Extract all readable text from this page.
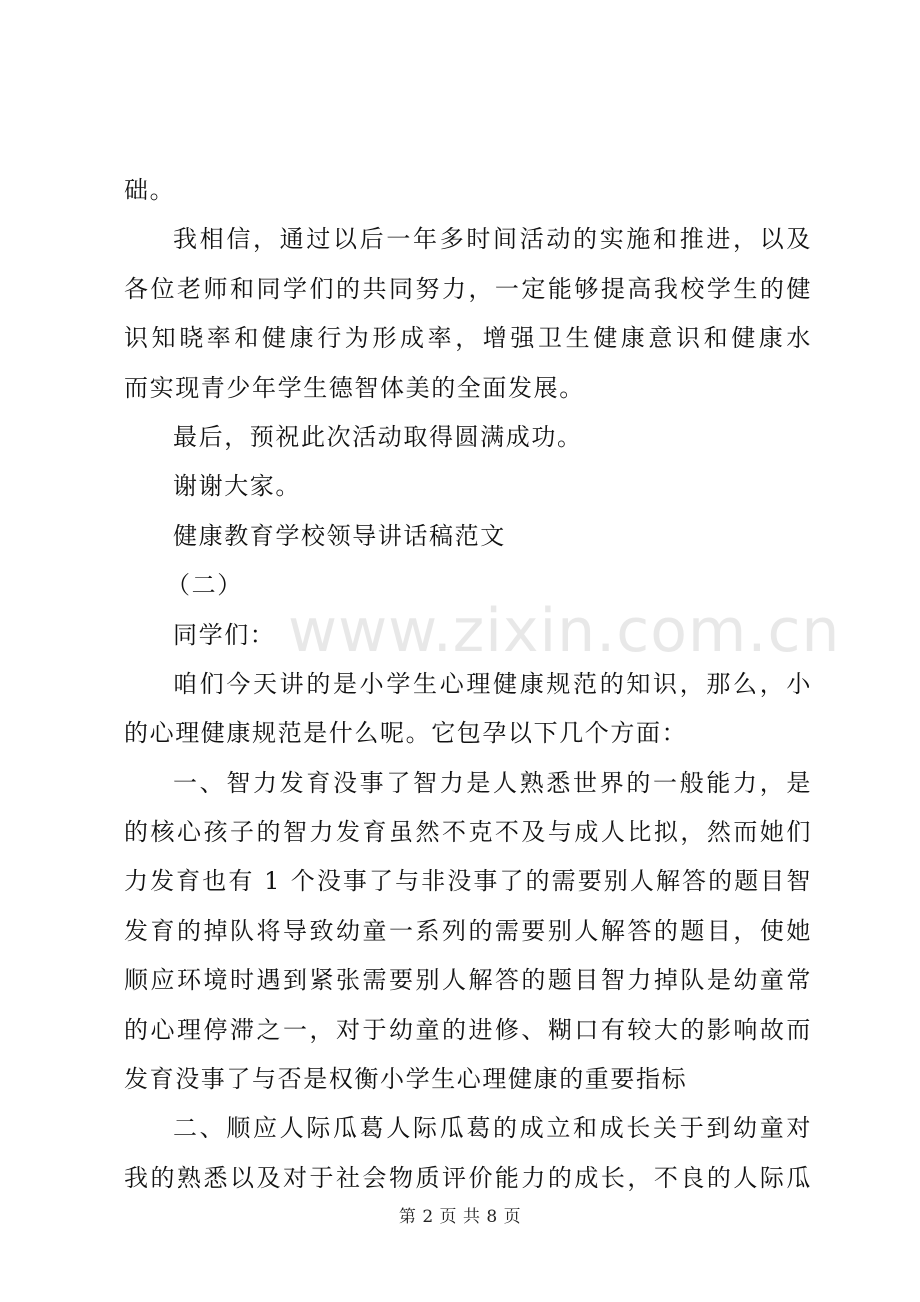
www.zixin.com.cn
础。
我相信，通过以后一年多时间活动的实施和推进，以及
各位老师和同学们的共同努力，一定能够提高我校学生的健
识知晓率和健康行为形成率，增强卫生健康意识和健康水
而实现青少年学生德智体美的全面发展。
最后，预祝此次活动取得圆满成功。
谢谢大家。
健康教育学校领导讲话稿范文
（二）
同学们：
咱们今天讲的是小学生心理健康规范的知识，那么，小
的心理健康规范是什么呢。它包孕以下几个方面：
一、智力发育没事了智力是人熟悉世界的一般能力，是
的核心孩子的智力发育虽然不克不及与成人比拟，然而她们
力发育也有 1 个没事了与非没事了的需要别人解答的题目智
发育的掉队将导致幼童一系列的需要别人解答的题目，使她
顺应环境时遇到紧张需要别人解答的题目智力掉队是幼童常
的心理停滞之一，对于幼童的进修、糊口有较大的影响故而
发育没事了与否是权衡小学生心理健康的重要指标
二、顺应人际瓜葛人际瓜葛的成立和成长关于到幼童对
我的熟悉以及对于社会物质评价能力的成长，不良的人际瓜
第 2 页 共 8 页
